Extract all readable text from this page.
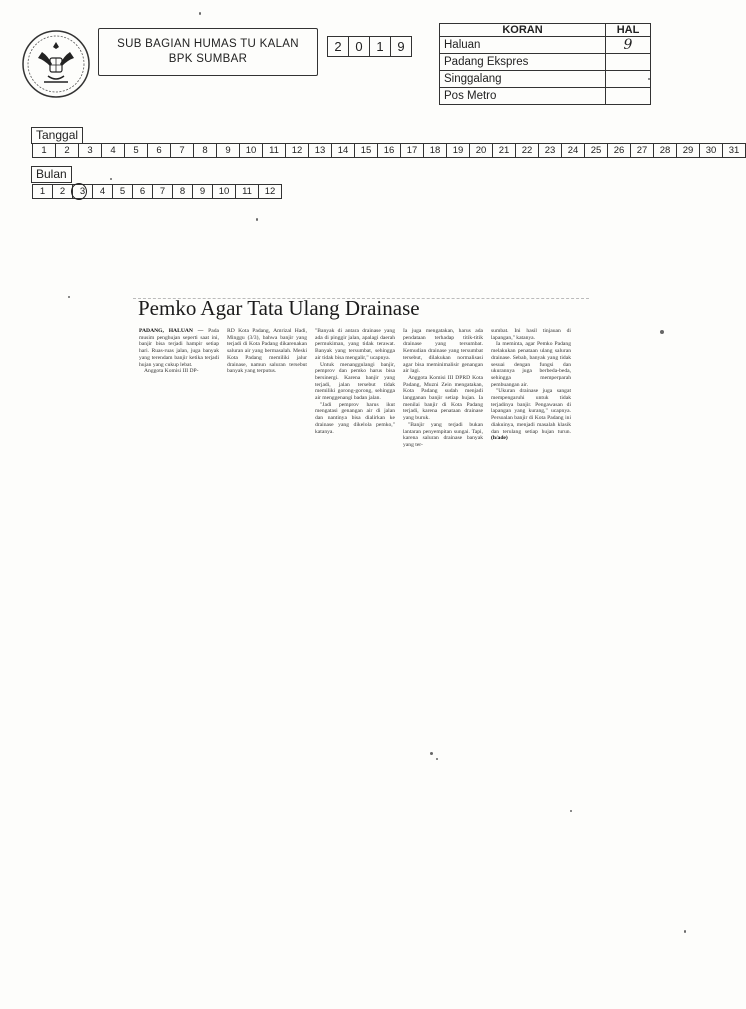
SUB BAGIAN HUMAS TU KALAN
BPK SUMBAR
2	0	1	9
KORAN	HAL
Haluan	9
Padang Ekspres	
Singgalang	
Pos Metro	
Tanggal
1	2	3	4	5	6	7	8	9	10	11	12	13	14	15	16	17	18	19	20	21	22	23	24	25	26	27	28	29	30	31
Bulan
1	2	3	4	5	6	7	8	9	10	11	12
Pemko Agar Tata Ulang Drainase

PADANG, HALUAN — Pada musim penghujan seperti saat ini, banjir bisa terjadi hampir setiap hari. Ruas-ruas jalan, juga banyak yang terendam banjir ketika terjadi hujan yang cukup lebat.

Anggota Komisi III DP-

RD Kota Padang, Amrizal Hadi, Minggu (3/3), bahwa banjir yang terjadi di Kota Padang dikarenakan saluran air yang bermasalah. Meski Kota Padang memiliki jalur drainase, namun saluran tersebut banyak yang terputus.

"Banyak di antara drainase yang ada di pinggir jalan, apalagi daerah permukiman, yang tidak terawat. Banyak yang tersumbat, sehingga air tidak bisa mengalir," ucapnya.

Untuk menanggulangi banjir, pemprov dan pemko harus bisa bersinergi. Karena banjir yang terjadi, jalan tersebut tidak memiliki gorong-gorong, sehingga air menggenangi badan jalan.

"Jadi pemprov harus ikut mengatasi genangan air di jalan dan nantinya bisa dialirkan ke drainase yang dikelola pemko," katanya.

Ia juga mengatakan, harus ada pendataan terhadap titik-titik drainase yang tersumbat. Kemudian drainase yang tersumbat tersebut, dilakukan normalisasi agar bisa meminimalisir genangan air lagi.

Anggota Komisi III DPRD Kota Padang, Muzni Zein mengatakan, Kota Padang sudah menjadi langganan banjir setiap hujan. Ia menilai banjir di Kota Padang terjadi, karena penataan drainase yang buruk.

"Banjir yang terjadi bukan lantaran penyempitan sungai. Tapi, karena saluran drainase banyak yang ter-

sumbat. Ini hasil tinjauan di lapangan," katanya.

Ia meminta, agar Pemko Padang melakukan penataan ulang saluran drainase. Sebab, banyak yang tidak sesuai dengan fungsi dan ukurannya juga berbeda-beda, sehingga memperparah pembuangan air.

"Ukuran drainase juga sangat mempengaruhi untuk tidak terjadinya banjir. Pengawasan di lapangan yang kurang," ucapnya. Persoalan banjir di Kota Padang ini diakuinya, menjadi masalah klasik dan terulang setiap hujan turun. (h/ade)
